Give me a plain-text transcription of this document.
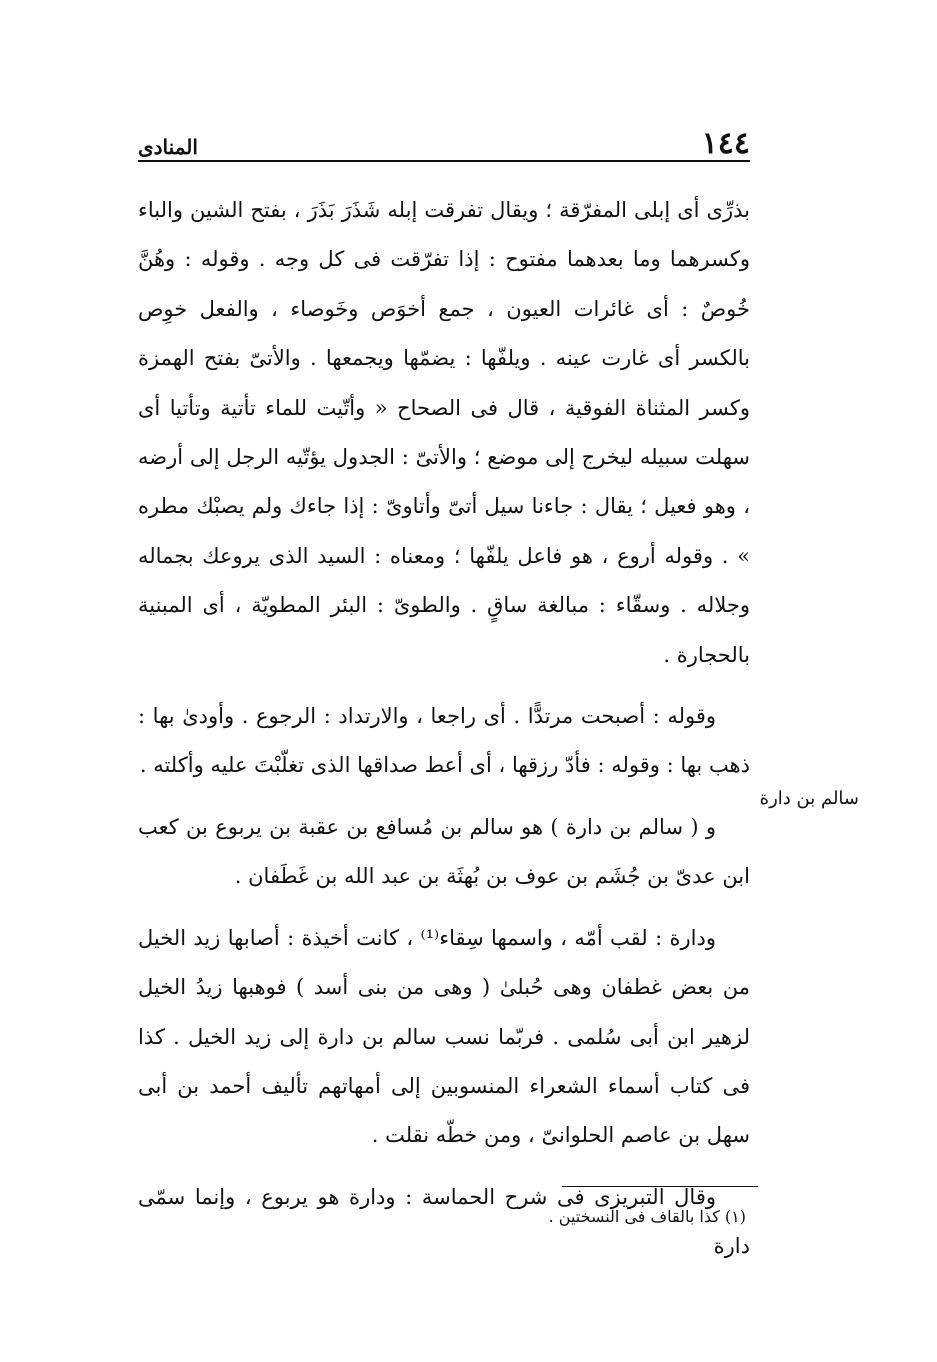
١٤٤
المنادى

بذرِّى أى إبلى المفرّقة ؛ ويقال تفرقت إبله شَذَرَ بَذَرَ ، بفتح الشين والباء وكسرهما وما بعدهما مفتوح : إذا تفرّقت فى كل وجه . وقوله : وهُنَّ خُوصٌ : أى غائرات العيون ، جمع أخوَص وخَوصاء ، والفعل خوِص بالكسر أى غارت عينه . ويلفّها : يضمّها ويجمعها . والأتىّ بفتح الهمزة وكسر المثناة الفوقية ، قال فى الصحاح « وأتّيت للماء تأتية وتأتيا أى سهلت سبيله ليخرج إلى موضع ؛ والأتىّ : الجدول يؤتّيه الرجل إلى أرضه ، وهو فعيل ؛ يقال : جاءنا سيل أتىّ وأتاوىّ : إذا جاءك ولم يصبْك مطره » . وقوله أروع ، هو فاعل يلفّها ؛ ومعناه : السيد الذى يروعك بجماله وجلاله . وسقّاء : مبالغة ساقٍ . والطوىّ : البئر المطويّة ، أى المبنية بالحجارة .

وقوله : أصبحت مرتدًّا . أى راجعا ، والارتداد : الرجوع . وأودىٰ بها : ذهب بها : وقوله : فأدّ رزقها ، أى أعط صداقها الذى تغلّبْتَ عليه وأكلته .

و ( سالم بن دارة ) هو سالم بن مُسافع بن عقبة بن يربوع بن كعب ابن عدىّ بن جُشَم بن عوف بن بُهثَة بن عبد الله بن غَطَفان .

ودارة : لقب أمّه ، واسمها سِقاء⁽¹⁾ ، كانت أخيذة : أصابها زيد الخيل من بعض غطفان وهى حُبلىٰ ( وهى من بنى أسد ) فوهبها زيدُ الخيل لزهير ابن أبى سُلمى . فربّما نسب سالم بن دارة إلى زيد الخيل . كذا فى كتاب أسماء الشعراء المنسوبين إلى أمهاتهم تأليف أحمد بن أبى سهل بن عاصم الحلوانىّ ، ومن خطّه نقلت .

وقال التبريزى فى شرح الحماسة : ودارة هو يربوع ، وإنما سمّى دارة

سالم بن دارة
(١) كذا بالقاف فى النسختين .
